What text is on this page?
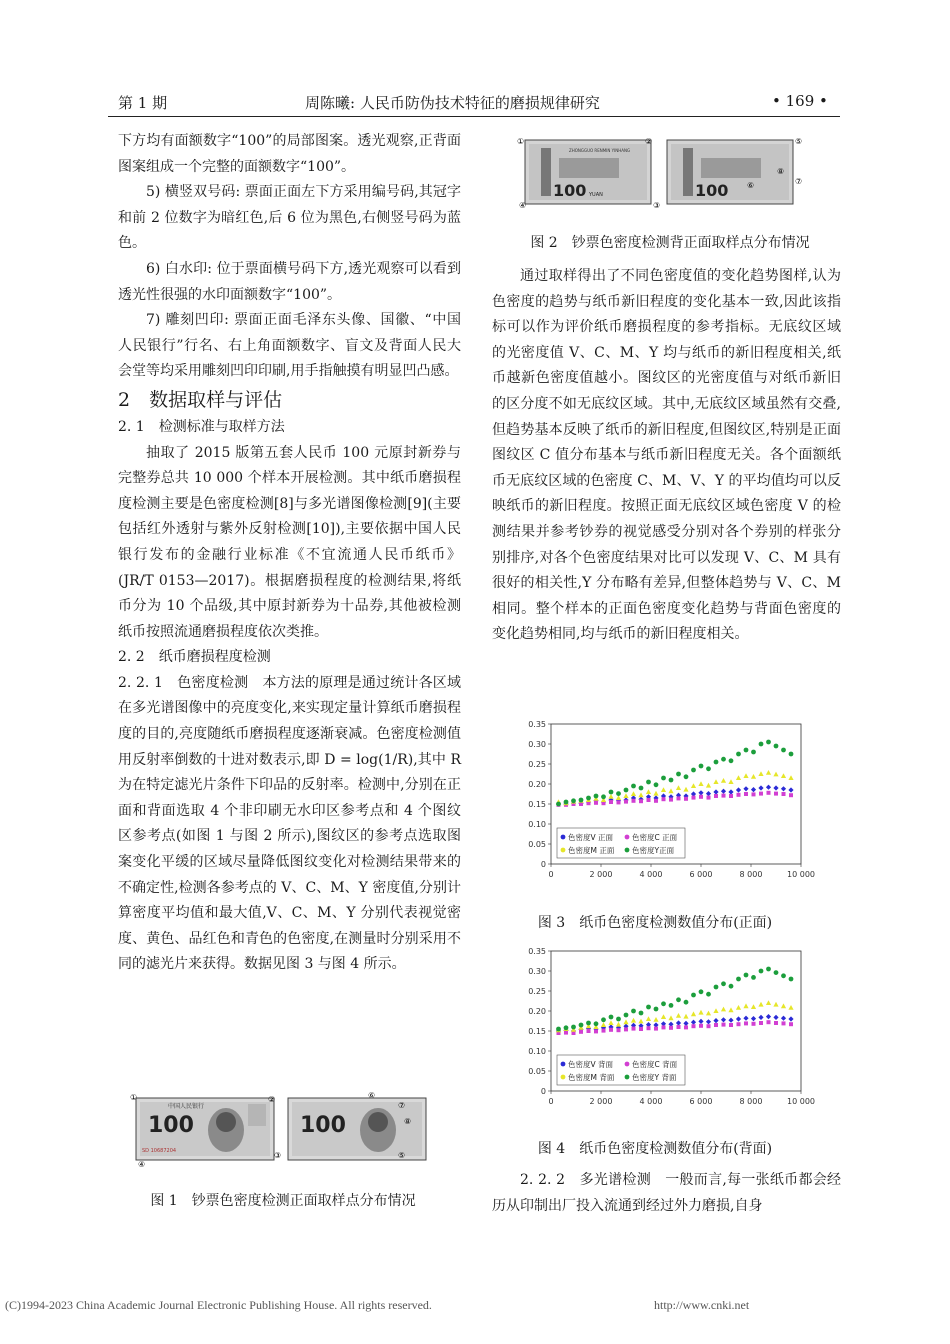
第 1 期	周陈曦: 人民币防伪技术特征的磨损规律研究	• 169 •

下方均有面额数字“100”的局部图案。透光观察,正背面图案组成一个完整的面额数字“100”。

5) 横竖双号码: 票面正面左下方采用编号码,其冠字和前 2 位数字为暗红色,后 6 位为黑色,右侧竖号码为蓝色。

6) 白水印: 位于票面横号码下方,透光观察可以看到透光性很强的水印面额数字“100”。

7) 雕刻凹印: 票面正面毛泽东头像、国徽、“中国人民银行”行名、右上角面额数字、盲文及背面人民大会堂等均采用雕刻凹印印刷,用手指触摸有明显凹凸感。

2　数据取样与评估

2. 1　检测标准与取样方法

抽取了 2015 版第五套人民币 100 元原封新券与完整券总共 10 000 个样本开展检测。其中纸币磨损程度检测主要是色密度检测[8]与多光谱图像检测[9](主要包括红外透射与紫外反射检测[10]),主要依据中国人民银行发布的金融行业标准《不宜流通人民币纸币》(JR/T 0153—2017)。根据磨损程度的检测结果,将纸币分为 10 个品级,其中原封新券为十品券,其他被检测纸币按照流通磨损程度依次类推。

2. 2　纸币磨损程度检测

2. 2. 1　色密度检测　本方法的原理是通过统计各区域在多光谱图像中的亮度变化,来实现定量计算纸币磨损程度的目的,亮度随纸币磨损程度逐渐衰减。色密度检测值用反射率倒数的十进对数表示,即 D = log(1/R),其中 R 为在特定滤光片条件下印品的反射率。检测中,分别在正面和背面选取 4 个非印刷无水印区参考点和 4 个图纹区参考点(如图 1 与图 2 所示),图纹区的参考点选取图案变化平缓的区域尽量降低图纹变化对检测结果带来的不确定性,检测各参考点的 V、C、M、Y 密度值,分别计算密度平均值和最大值,V、C、M、Y 分别代表视觉密度、黄色、品红色和青色的色密度,在测量时分别采用不同的滤光片来获得。数据见图 3 与图 4 所示。

100
中国人民银行
SD 10687204
100
①	②
③
④
⑤
⑥
⑦
⑧
图 1　钞票色密度检测正面取样点分布情况
ZHONGGUO RENMIN YINHANG
100 YUAN	100
①	②
③
④
⑤
⑥	⑦
⑧
图 2　钞票色密度检测背正面取样点分布情况

通过取样得出了不同色密度值的变化趋势图样,认为色密度的趋势与纸币新旧程度的变化基本一致,因此该指标可以作为评价纸币磨损程度的参考指标。无底纹区域的光密度值 V、C、M、Y 均与纸币的新旧程度相关,纸币越新色密度值越小。图纹区的光密度值与对纸币新旧的区分度不如无底纹区域。其中,无底纹区域虽然有交叠,但趋势基本反映了纸币的新旧程度,但图纹区,特别是正面图纹区 C 值分布基本与纸币新旧程度无关。各个面额纸币无底纹区域的色密度 C、M、V、Y 的平均值均可以反映纸币的新旧程度。按照正面无底纹区域色密度 V 的检测结果并参考钞券的视觉感受分别对各个券别的样张分别排序,对各个色密度结果对比可以发现 V、C、M 具有很好的相关性,Y 分布略有差异,但整体趋势与 V、C、M 相同。整个样本的正面色密度变化趋势与背面色密度的变化趋势相同,均与纸币的新旧程度相关。

0
0.05
0.10
0.15
0.20
0.25
0.30
0.35
0	2 000	4 000	6 000	8 000	10 000
色密度V 正面	色密度C 正面
色密度M 正面 色密度Y正面
图 3　纸币色密度检测数值分布(正面)
0
0.05
0.10
0.15
0.20
0.25
0.30
0.35
0	2 000	4 000	6 000	8 000	10 000
色密度V 背面	色密度C 背面
色密度M 背面 色密度Y 背面
图 4　纸币色密度检测数值分布(背面)

2. 2. 2　多光谱检测　一般而言,每一张纸币都会经历从印制出厂投入流通到经过外力磨损,自身

(C)1994-2023 China Academic Journal Electronic Publishing House. All rights reserved.	http://www.cnki.net
